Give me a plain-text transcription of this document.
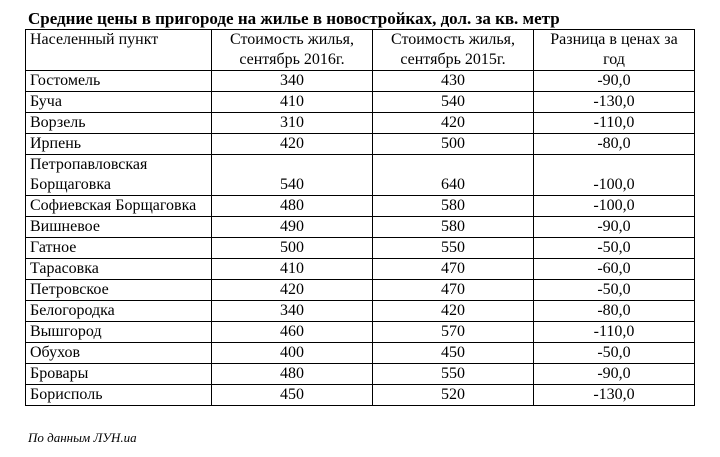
Средние цены в пригороде на жилье в новостройках, дол. за кв. метр
Населенный пункт	Стоимость жилья, сентябрь 2016г.	Стоимость жилья, сентябрь 2015г.	Разница в ценах за год
Гостомель	340	430	-90,0
Буча	410	540	-130,0
Ворзель	310	420	-110,0
Ирпень	420	500	-80,0
Петропавловская Борщаговка	540	640	-100,0
Софиевская Борщаговка	480	580	-100,0
Вишневое	490	580	-90,0
Гатное	500	550	-50,0
Тарасовка	410	470	-60,0
Петровское	420	470	-50,0
Белогородка	340	420	-80,0
Вышгород	460	570	-110,0
Обухов	400	450	-50,0
Бровары	480	550	-90,0
Борисполь	450	520	-130,0

По данным ЛУН.ua
